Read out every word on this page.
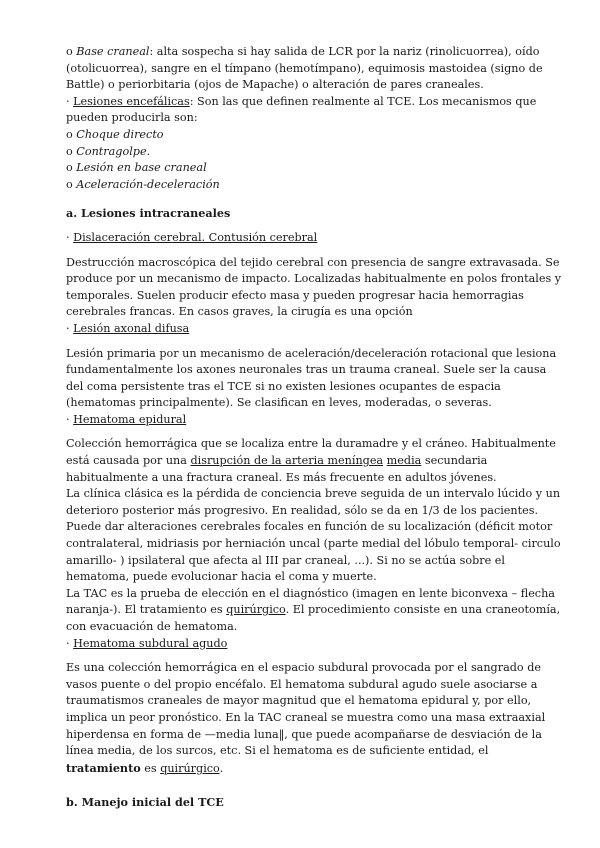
o Base craneal: alta sospecha si hay salida de LCR por la nariz (rinolicuorrea), oído (otolicuorrea), sangre en el tímpano (hemotímpano), equimosis mastoidea (signo de Battle) o periorbitaria (ojos de Mapache) o alteración de pares craneales.

· Lesiones encefálicas: Son las que definen realmente al TCE. Los mecanismos que pueden producirla son:

o Choque directo

o Contragolpe.

o Lesión en base craneal

o Aceleración-deceleración

a. Lesiones intracraneales

· Dislaceración cerebral. Contusión cerebral

Destrucción macroscópica del tejido cerebral con presencia de sangre extravasada. Se produce por un mecanismo de impacto. Localizadas habitualmente en polos frontales y temporales. Suelen producir efecto masa y pueden progresar hacia hemorragias cerebrales francas. En casos graves, la cirugía es una opción

· Lesión axonal difusa

Lesión primaria por un mecanismo de aceleración/deceleración rotacional que lesiona fundamentalmente los axones neuronales tras un trauma craneal. Suele ser la causa del coma persistente tras el TCE si no existen lesiones ocupantes de espacia (hematomas principalmente). Se clasifican en leves, moderadas, o severas.

· Hematoma epidural

Colección hemorrágica que se localiza entre la duramadre y el cráneo. Habitualmente está causada por una disrupción de la arteria meníngea media secundaria habitualmente a una fractura craneal. Es más frecuente en adultos jóvenes.

La clínica clásica es la pérdida de conciencia breve seguida de un intervalo lúcido y un deterioro posterior más progresivo. En realidad, sólo se da en 1/3 de los pacientes. Puede dar alteraciones cerebrales focales en función de su localización (déficit motor contralateral, midriasis por herniación uncal (parte medial del lóbulo temporal- circulo amarillo- ) ipsilateral que afecta al III par craneal, ...). Si no se actúa sobre el hematoma, puede evolucionar hacia el coma y muerte.

La TAC es la prueba de elección en el diagnóstico (imagen en lente biconvexa – flecha naranja-). El tratamiento es quirúrgico. El procedimiento consiste en una craneotomía, con evacuación de hematoma.

· Hematoma subdural agudo

Es una colección hemorrágica en el espacio subdural provocada por el sangrado de vasos puente o del propio encéfalo. El hematoma subdural agudo suele asociarse a traumatismos craneales de mayor magnitud que el hematoma epidural y, por ello, implica un peor pronóstico. En la TAC craneal se muestra como una masa extraaxial hiperdensa en forma de —media luna‖, que puede acompañarse de desviación de la línea media, de los surcos, etc. Si el hematoma es de suficiente entidad, el tratamiento es quirúrgico.

b. Manejo inicial del TCE
